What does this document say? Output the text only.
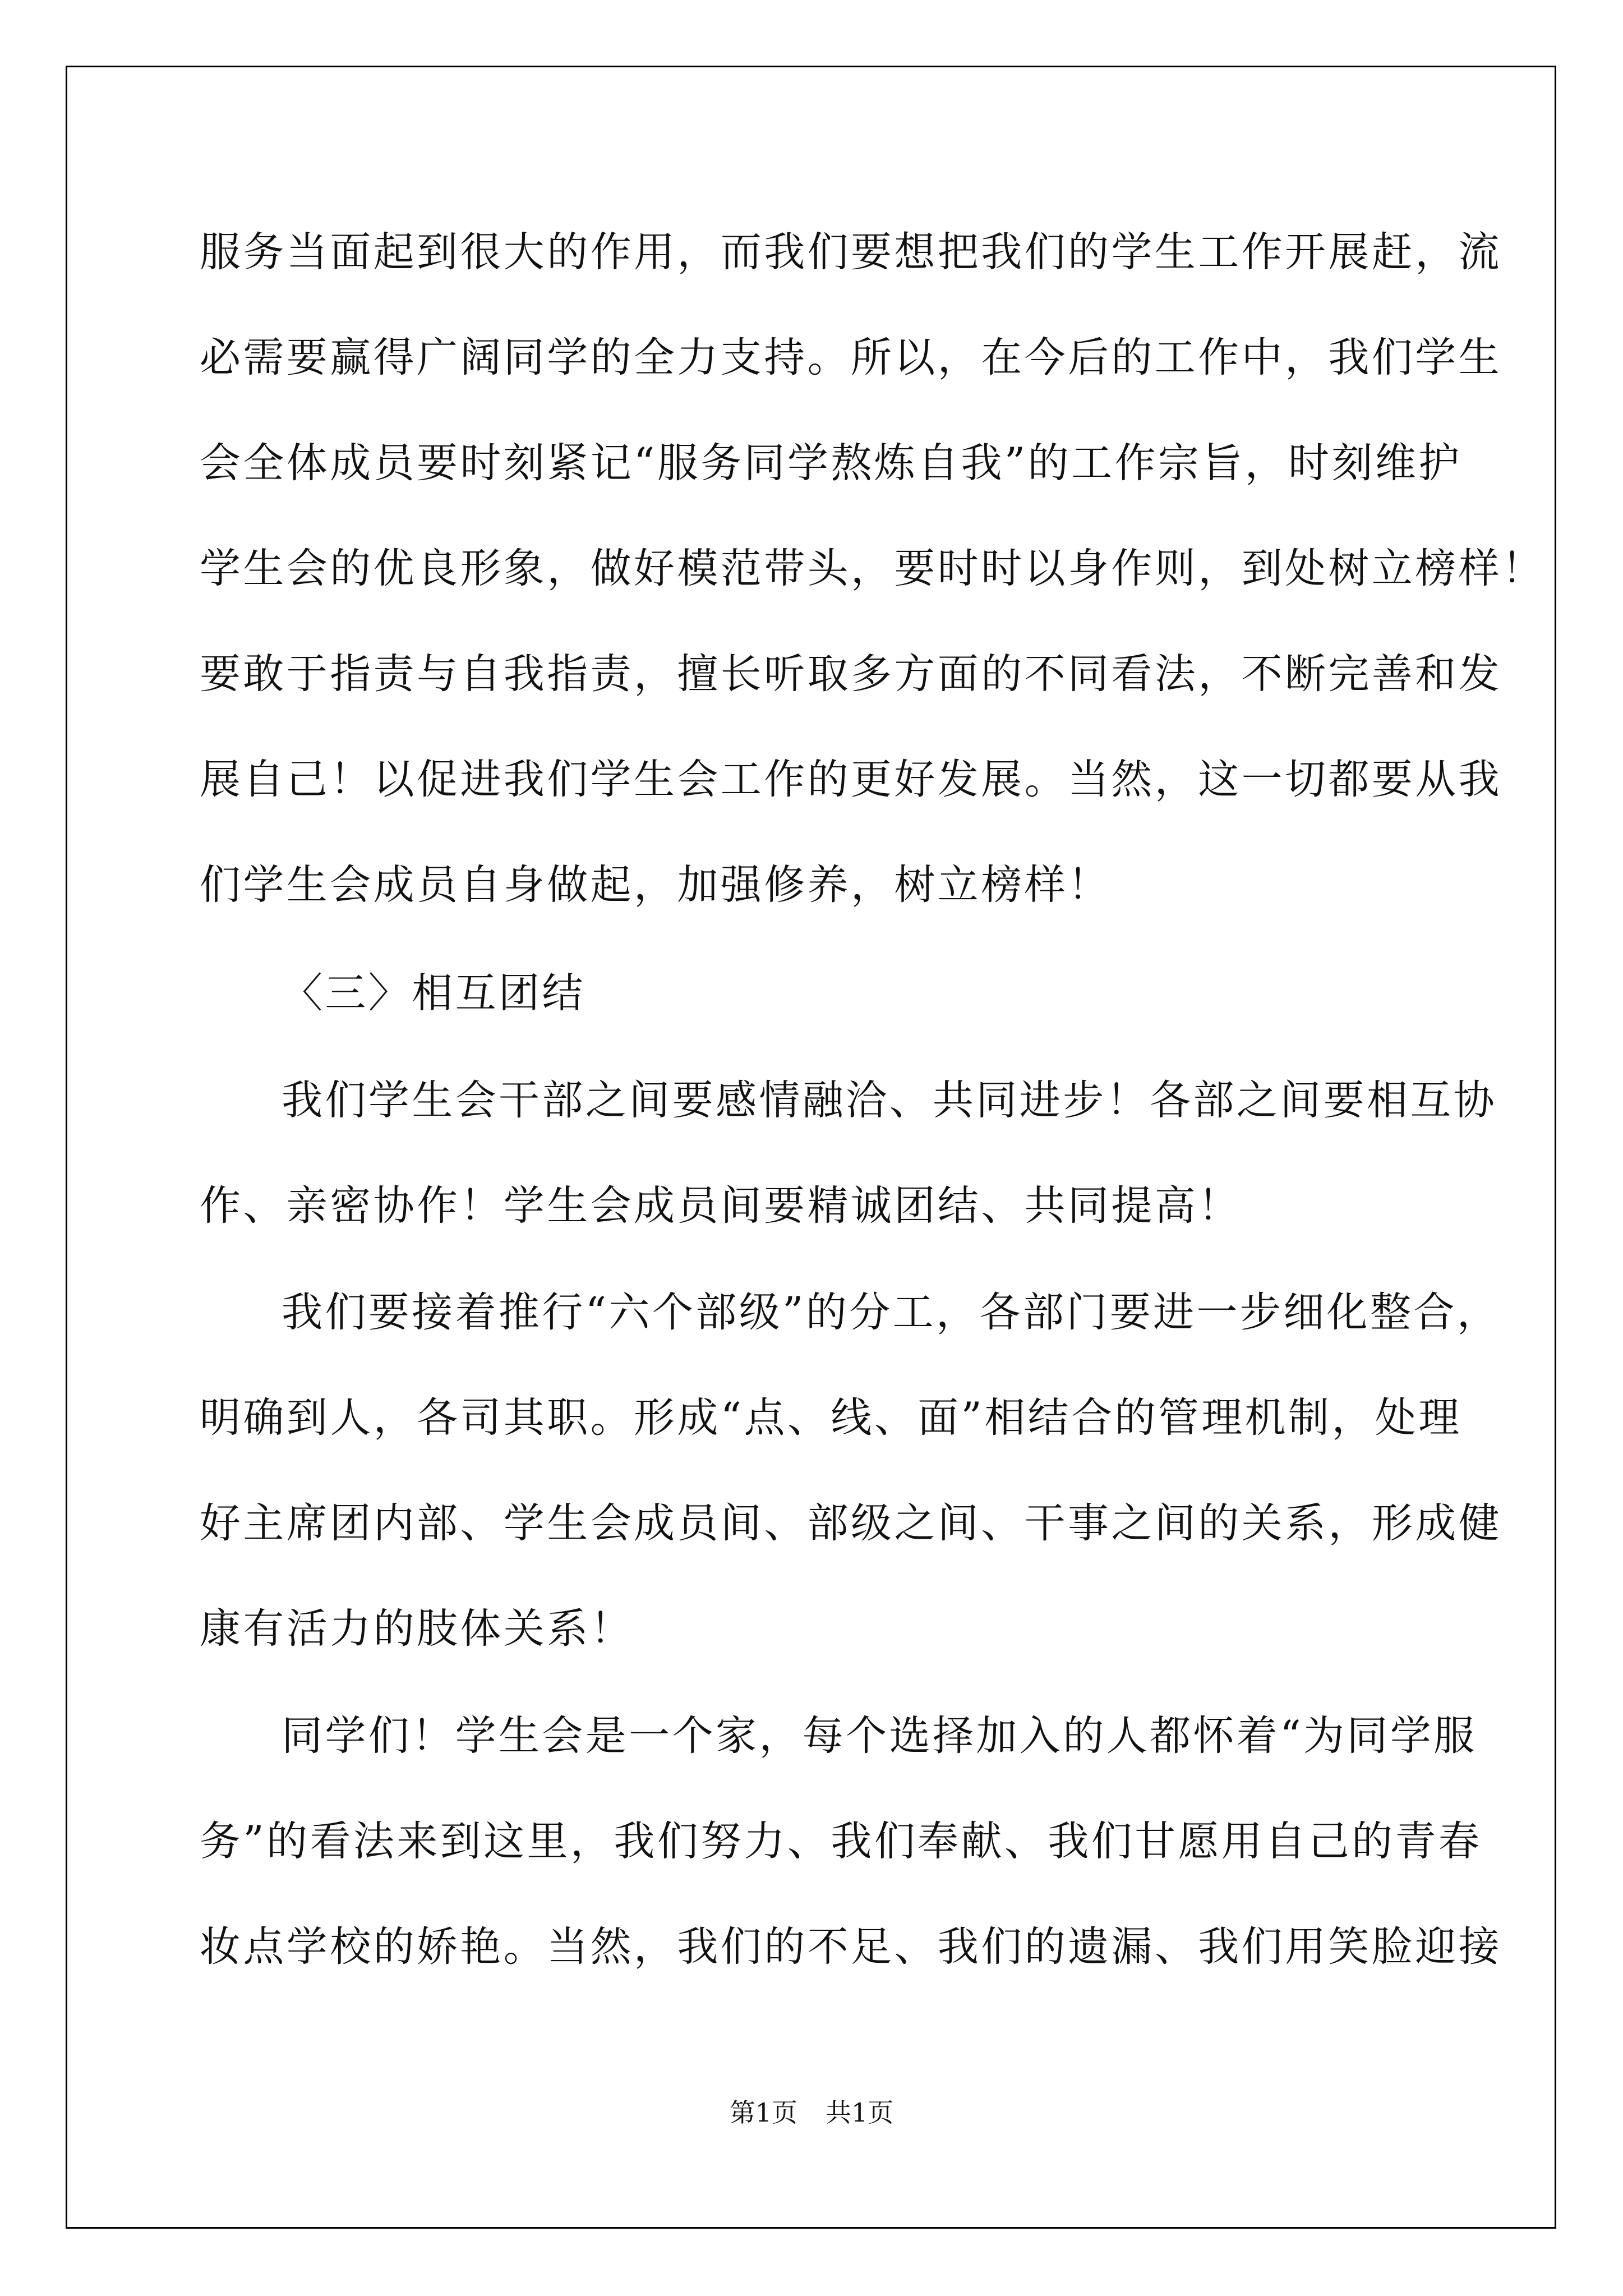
服务当面起到很大的作用，而我们要想把我们的学生工作开展赶，流

必需要赢得广阔同学的全力支持。所以，在今后的工作中，我们学生

会全体成员要时刻紧记“服务同学熬炼自我”的工作宗旨，时刻维护

学生会的优良形象，做好模范带头，要时时以身作则，到处树立榜样！

要敢于指责与自我指责，擅长听取多方面的不同看法，不断完善和发

展自己！以促进我们学生会工作的更好发展。当然，这一切都要从我

们学生会成员自身做起，加强修养，树立榜样！

〈三〉相互团结

我们学生会干部之间要感情融洽、共同进步！各部之间要相互协

作、亲密协作！学生会成员间要精诚团结、共同提高！

我们要接着推行“六个部级”的分工，各部门要进一步细化整合，

明确到人，各司其职。形成“点、线、面”相结合的管理机制，处理

好主席团内部、学生会成员间、部级之间、干事之间的关系，形成健

康有活力的肢体关系！

同学们！学生会是一个家，每个选择加入的人都怀着“为同学服

务”的看法来到这里，我们努力、我们奉献、我们甘愿用自己的青春

妆点学校的娇艳。当然，我们的不足、我们的遗漏、我们用笑脸迎接

第1页 共1页
